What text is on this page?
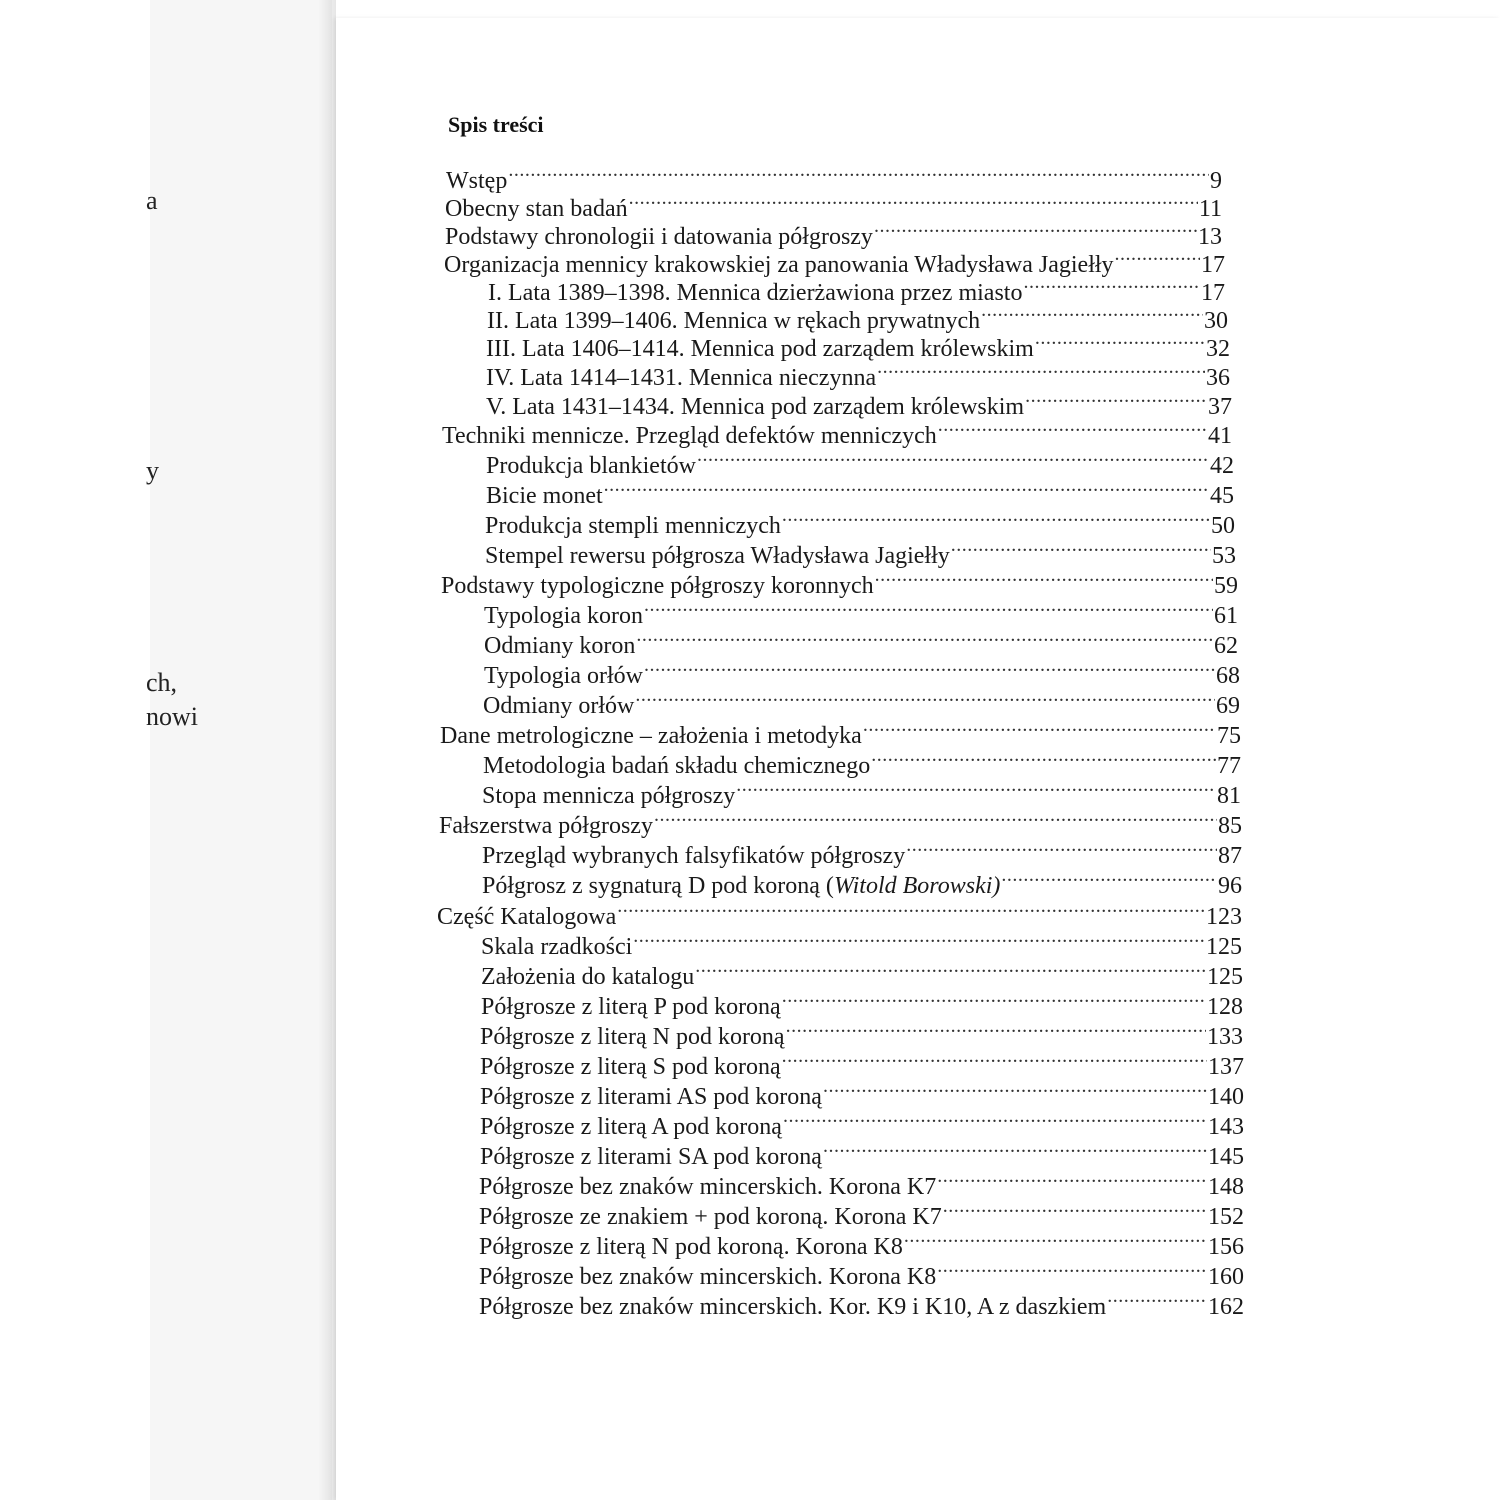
a
y
ch,
nowi
Spis treści
Wstęp .....	9
Obecny stan badań .....	11
Podstawy chronologii i datowania półgroszy .....	13
Organizacja mennicy krakowskiej za panowania Władysława Jagiełły .....	17
I. Lata 1389–1398. Mennica dzierżawiona przez miasto .....	17
II. Lata 1399–1406. Mennica w rękach prywatnych .....	30
III. Lata 1406–1414. Mennica pod zarządem królewskim .....	32
IV. Lata 1414–1431. Mennica nieczynna .....	36
V. Lata 1431–1434. Mennica pod zarządem królewskim .....	37
Techniki mennicze. Przegląd defektów menniczych .....	41
Produkcja blankietów .....	42
Bicie monet .....	45
Produkcja stempli menniczych .....	50
Stempel rewersu półgrosza Władysława Jagiełły .....	53
Podstawy typologiczne półgroszy koronnych .....	59
Typologia koron .....	61
Odmiany koron .....	62
Typologia orłów .....	68
Odmiany orłów .....	69
Dane metrologiczne – założenia i metodyka .....	75
Metodologia badań składu chemicznego .....	77
Stopa mennicza półgroszy .....	81
Fałszerstwa półgroszy .....	85
Przegląd wybranych falsyfikatów półgroszy .....	87
Półgrosz z sygnaturą D pod koroną (Witold Borowski) .....	96
Część Katalogowa .....	123
Skala rzadkości .....	125
Założenia do katalogu .....	125
Półgrosze z literą P pod koroną .....	128
Półgrosze z literą N pod koroną .....	133
Półgrosze z literą S pod koroną .....	137
Półgrosze z literami AS pod koroną .....	140
Półgrosze z literą A pod koroną .....	143
Półgrosze z literami SA pod koroną .....	145
Półgrosze bez znaków mincerskich. Korona K7 .....	148
Półgrosze ze znakiem + pod koroną. Korona K7 .....	152
Półgrosze z literą N pod koroną. Korona K8 .....	156
Półgrosze bez znaków mincerskich. Korona K8 .....	160
Półgrosze bez znaków mincerskich. Kor. K9 i K10, A z daszkiem .....	162
